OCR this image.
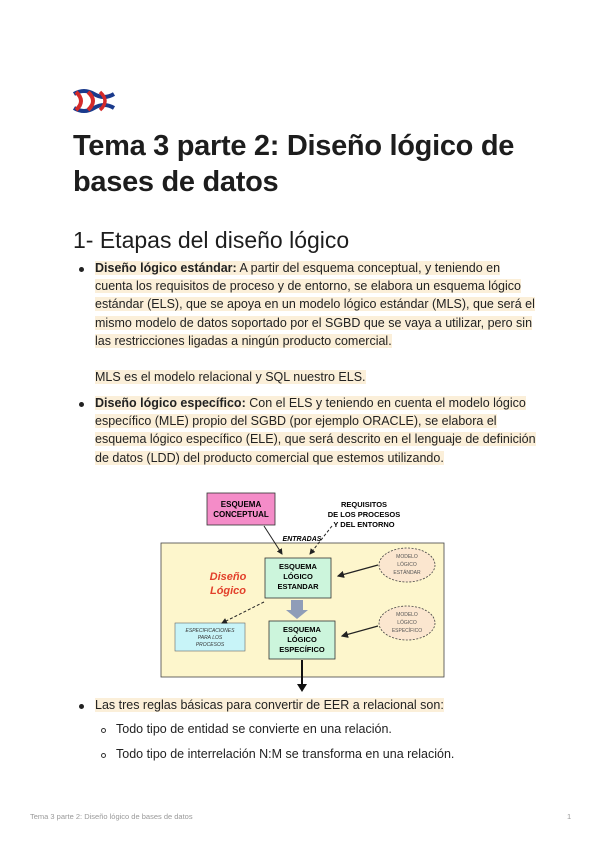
Tema 3 parte 2: Diseño lógico de bases de datos
1- Etapas del diseño lógico

Diseño lógico estándar: A partir del esquema conceptual, y teniendo en cuenta los requisitos de proceso y de entorno, se elabora un esquema lógico estándar (ELS), que se apoya en un modelo lógico estándar (MLS), que será el mismo modelo de datos soportado por el SGBD que se vaya a utilizar, pero sin las restricciones ligadas a ningún producto comercial.

MLS es el modelo relacional y SQL nuestro ELS.

Diseño lógico específico: Con el ELS y teniendo en cuenta el modelo lógico específico (MLE) propio del SGBD (por ejemplo ORACLE), se elabora el esquema lógico específico (ELE), que será descrito en el lenguaje de definición de datos (LDD) del producto comercial que estemos utilizando.

ESQUEMA
CONCEPTUAL
REQUISITOS
DE LOS PROCESOS
Y DEL ENTORNO
ENTRADAS
Diseño
Lógico
ESQUEMA
LÓGICO
ESTANDAR
MODELO
LÓGICO
ESTÁNDAR
ESPECIFICACIONES
PARA LOS
PROCESOS
ESQUEMA
LÓGICO
ESPECÍFICO
MODELO
LÓGICO
ESPECÍFICO

Las tres reglas básicas para convertir de EER a relacional son:

Todo tipo de entidad se convierte en una relación.

Todo tipo de interrelación N:M se transforma en una relación.

Tema 3 parte 2: Diseño lógico de bases de datos	1
